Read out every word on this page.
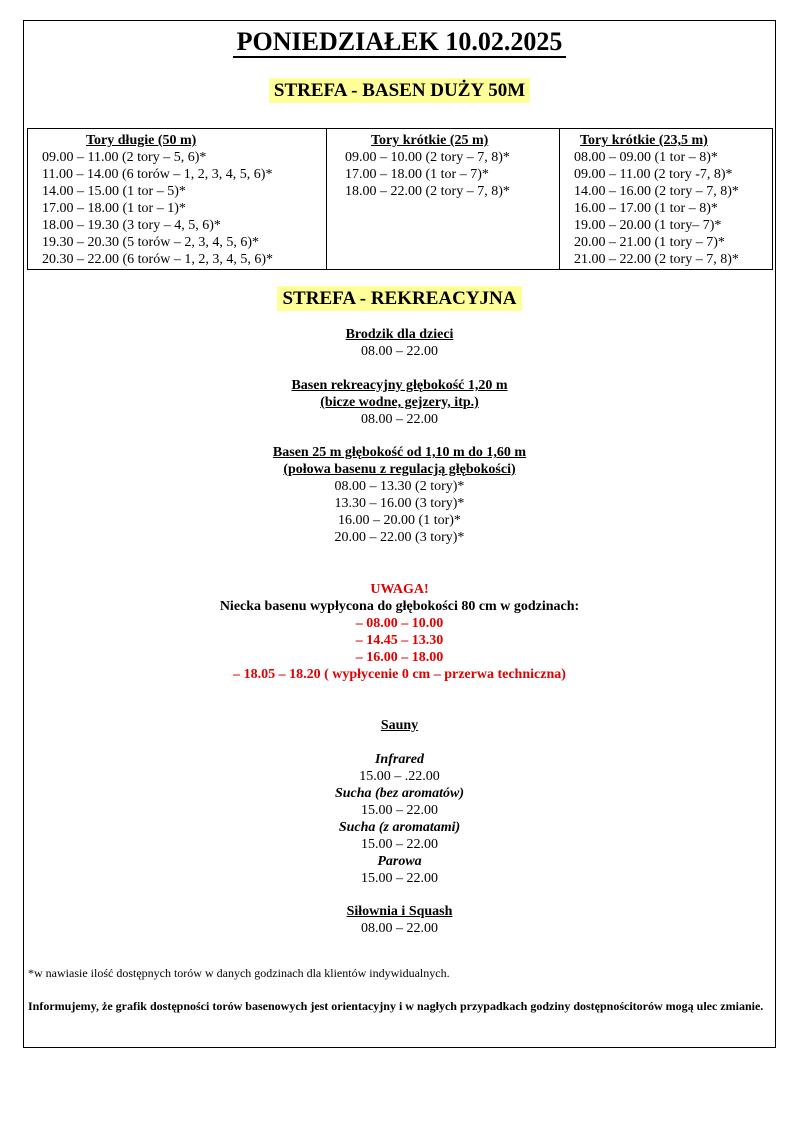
PONIEDZIAŁEK 10.02.2025
STREFA - BASEN DUŻY 50M
Tory długie (50 m)
09.00 – 11.00 (2 tory – 5, 6)*
11.00 – 14.00 (6 torów – 1, 2, 3, 4, 5, 6)*
14.00 – 15.00 (1 tor – 5)*
17.00 – 18.00 (1 tor – 1)*
18.00 – 19.30 (3 tory – 4, 5, 6)*
19.30 – 20.30 (5 torów – 2, 3, 4, 5, 6)*
20.30 – 22.00 (6 torów – 1, 2, 3, 4, 5, 6)*
Tory krótkie (25 m)
09.00 – 10.00 (2 tory – 7, 8)*
17.00 – 18.00 (1 tor – 7)*
18.00 – 22.00 (2 tory – 7, 8)*
Tory krótkie (23,5 m)
08.00 – 09.00 (1 tor – 8)*
09.00 – 11.00 (2 tory -7, 8)*
14.00 – 16.00 (2 tory – 7, 8)*
16.00 – 17.00 (1 tor – 8)*
19.00 – 20.00 (1 tory– 7)*
20.00 – 21.00 (1 tory – 7)*
21.00 – 22.00 (2 tory – 7, 8)*
STREFA - REKREACYJNA
Brodzik dla dzieci
08.00 – 22.00
Basen rekreacyjny głębokość 1,20 m
(bicze wodne, gejzery, itp.)
08.00 – 22.00
Basen 25 m głębokość od 1,10 m do 1,60 m
(połowa basenu z regulacją głębokości)
08.00 – 13.30 (2 tory)*
13.30 – 16.00 (3 tory)*
16.00 – 20.00 (1 tor)*
20.00 – 22.00 (3 tory)*
UWAGA!
Niecka basenu wypłycona do głębokości 80 cm w godzinach:
– 08.00 – 10.00
– 14.45 – 13.30
– 16.00 – 18.00
– 18.05 – 18.20 ( wypłycenie 0 cm – przerwa techniczna)
Sauny
Infrared
15.00 – .22.00
Sucha (bez aromatów)
15.00 – 22.00
Sucha (z aromatami)
15.00 – 22.00
Parowa
15.00 – 22.00
Siłownia i Squash
08.00 – 22.00
*w nawiasie ilość dostępnych torów w danych godzinach dla klientów indywidualnych.
Informujemy, że grafik dostępności torów basenowych jest orientacyjny i w nagłych przypadkach godziny dostępnościtorów mogą ulec zmianie.
